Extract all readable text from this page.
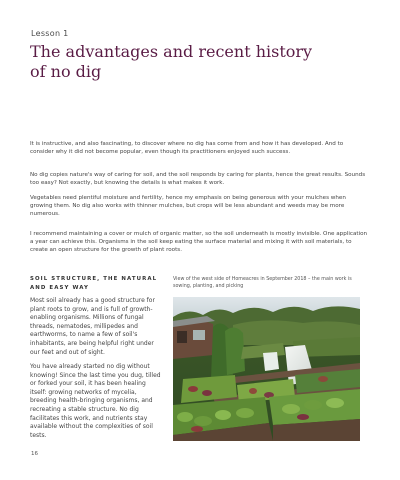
Lesson 1
The advantages and recent history of no dig

It is instructive, and also fascinating, to discover where no dig has come from and how it has developed. And to consider why it did not become popular, even though its practitioners enjoyed such success.

No dig copies nature's way of caring for soil, and the soil responds by caring for plants, hence the great results. Sounds too easy? Not exactly, but knowing the details is what makes it work.

Vegetables need plentiful moisture and fertility, hence my emphasis on being generous with your mulches when growing them. No dig also works with thinner mulches, but crops will be less abundant and weeds may be more numerous.

I recommend maintaining a cover or mulch of organic matter, so the soil underneath is mostly invisible. One application a year can achieve this. Organisms in the soil keep eating the surface material and mixing it with soil materials, to create an open structure for the growth of plant roots.

SOIL STRUCTURE, THE NATURAL AND EASY WAY

Most soil already has a good structure for plant roots to grow, and is full of growth-enabling organisms. Millions of fungal threads, nematodes, millipedes and earthworms, to name a few of soil's inhabitants, are being helpful right under our feet and out of sight.

You have already started no dig without knowing! Since the last time you dug, tilled or forked your soil, it has been healing itself: growing networks of mycelia, breeding health-bringing organisms, and recreating a stable structure. No dig facilitates this work, and nutrients stay available without the complexities of soil tests.

View of the west side of Homeacres in September 2018 – the main work is sowing, planting, and picking

16
